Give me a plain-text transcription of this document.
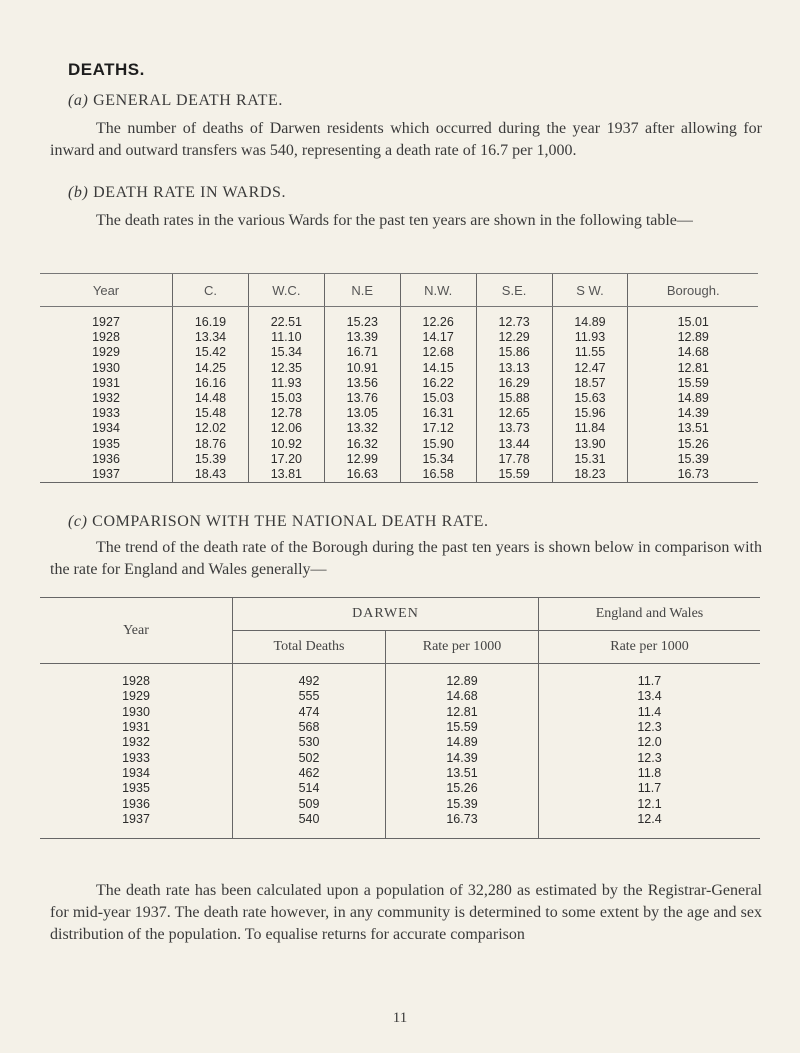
DEATHS.
(a) GENERAL DEATH RATE.

The number of deaths of Darwen residents which occurred during the year 1937 after allowing for inward and outward transfers was 540, representing a death rate of 16.7 per 1,000.

(b) DEATH RATE IN WARDS.

The death rates in the various Wards for the past ten years are shown in the following table—

Year	C.	W.C.	N.E	N.W.	S.E.	S W.	Borough.

1927	16.19	22.51	15.23	12.26	12.73	14.89	15.01
1928	13.34	11.10	13.39	14.17	12.29	11.93	12.89
1929	15.42	15.34	16.71	12.68	15.86	11.55	14.68
1930	14.25	12.35	10.91	14.15	13.13	12.47	12.81
1931	16.16	11.93	13.56	16.22	16.29	18.57	15.59
1932	14.48	15.03	13.76	15.03	15.88	15.63	14.89
1933	15.48	12.78	13.05	16.31	12.65	15.96	14.39
1934	12.02	12.06	13.32	17.12	13.73	11.84	13.51
1935	18.76	10.92	16.32	15.90	13.44	13.90	15.26
1936	15.39	17.20	12.99	15.34	17.78	15.31	15.39
1937	18.43	13.81	16.63	16.58	15.59	18.23	16.73
(c) COMPARISON WITH THE NATIONAL DEATH RATE.

The trend of the death rate of the Borough during the past ten years is shown below in comparison with the rate for England and Wales generally—

Year	DARWEN		England and Wales
	Total Deaths	Rate per 1000	Rate per 1000

1928	492	12.89	11.7
1929	555	14.68	13.4
1930	474	12.81	11.4
1931	568	15.59	12.3
1932	530	14.89	12.0
1933	502	14.39	12.3
1934	462	13.51	11.8
1935	514	15.26	11.7
1936	509	15.39	12.1
1937	540	16.73	12.4

The death rate has been calculated upon a population of 32,280 as estimated by the Registrar-General for mid-year 1937. The death rate however, in any community is determined to some extent by the age and sex distribution of the population. To equalise returns for accurate comparison

11
